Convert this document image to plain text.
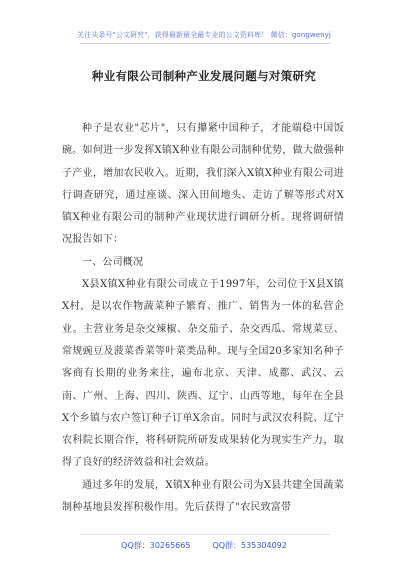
关注头条号"公文研究"，获得最新最全最专业的公文资料库！ 微信：gongwenyj
种业有限公司制种产业发展问题与对策研究

种子是农业"芯片"，只有攥紧中国种子，才能端稳中国饭碗。如何进一步发挥X镇X种业有限公司制种优势，做大做强种子产业，增加农民收入。近期，我们深入X镇X种业有限公司进行调查研究，通过座谈、深入田间地头、走访了解等形式对X镇X种业有限公司的制种产业现状进行调研分析。现将调研情况报告如下：

一、公司概况

X县X镇X种业有限公司成立于1997年，公司位于X县X镇X村，是以农作物蔬菜种子繁育、推广、销售为一体的私营企业。主营业务是杂交辣椒、杂交茄子、杂交西瓜、常规菜豆、常规豌豆及菠菜香菜等叶菜类品种。现与全国20多家知名种子客商有长期的业务来往，遍布北京、天津、成都、武汉、云南、广州、上海、四川、陕西、辽宁、山西等地，每年在全县X个乡镇与农户签订种子订单X余亩。同时与武汉农科院、辽宁农科院长期合作，将科研院所研发成果转化为现实生产力，取得了良好的经济效益和社会效益。

通过多年的发展，X镇X种业有限公司为X县共建全国蔬菜制种基地县发挥积极作用。先后获得了"农民致富带

QQ群：30265665	QQ群：535304092
